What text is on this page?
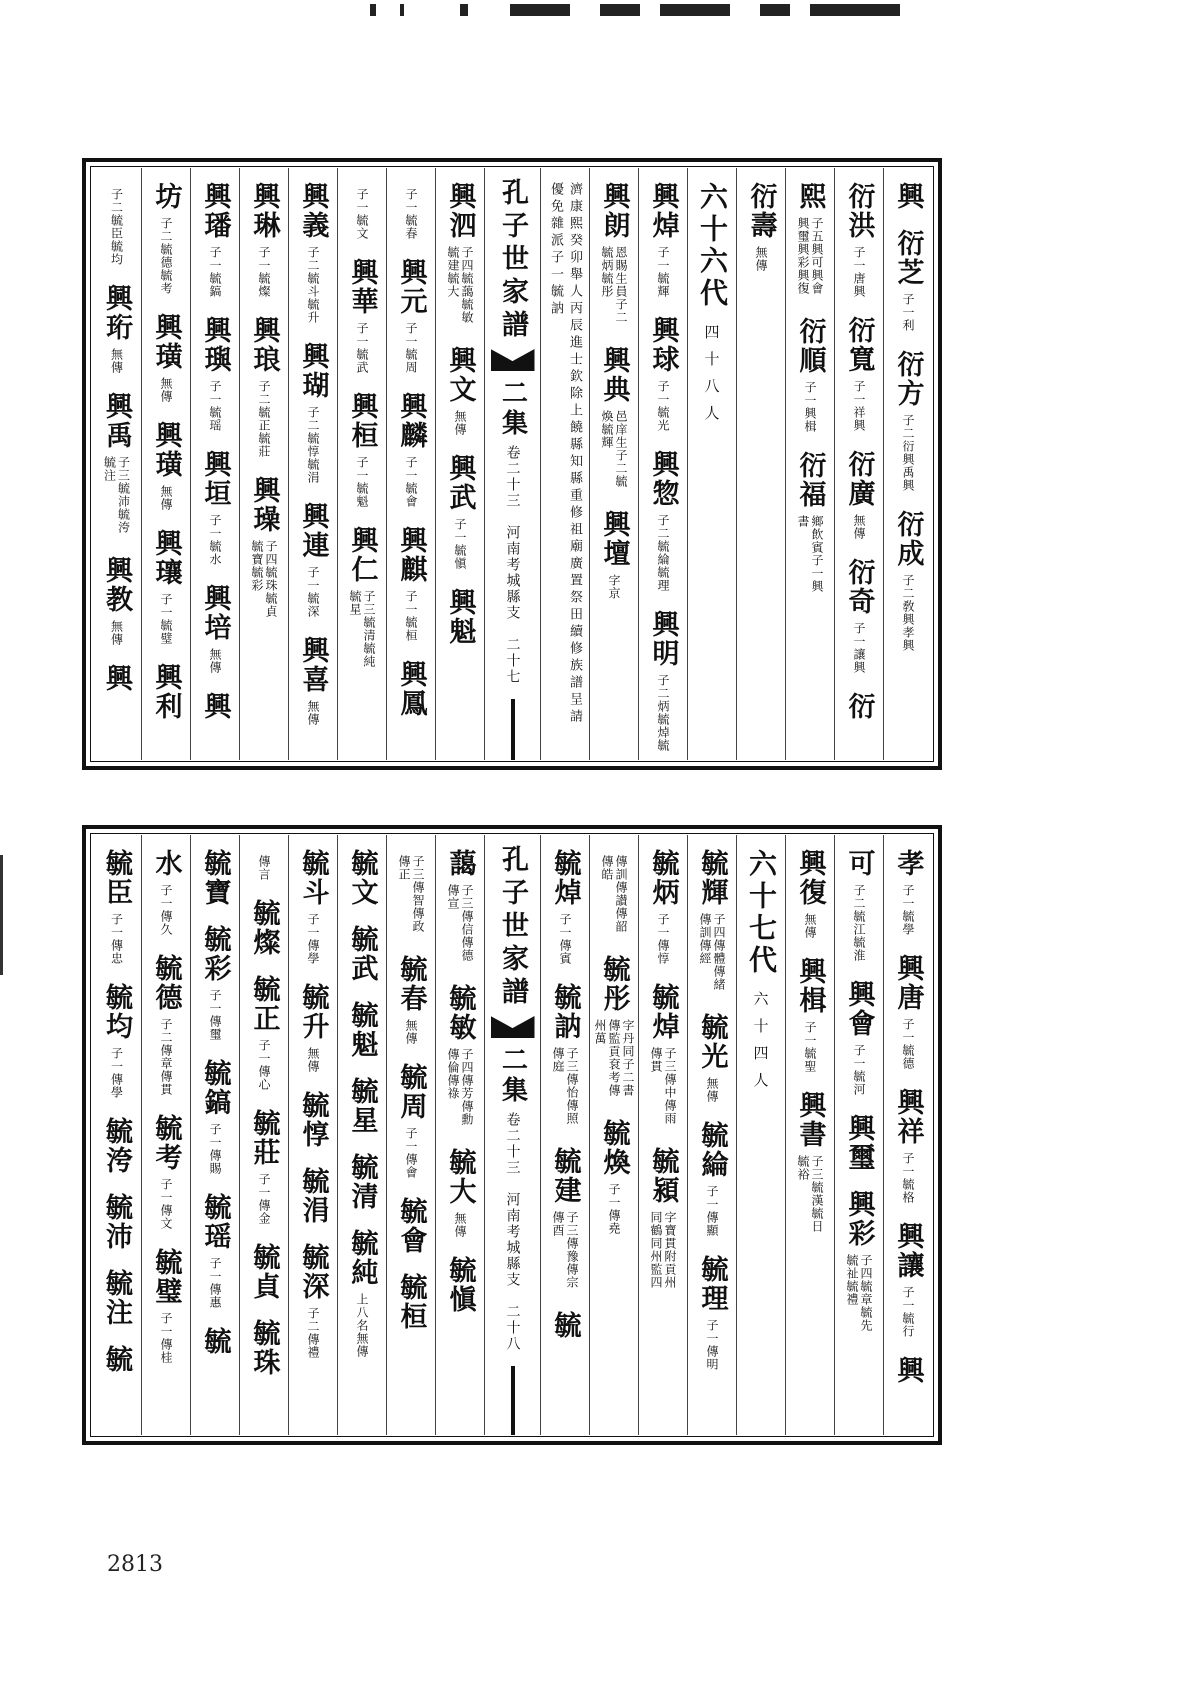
興
衍芝
子一利
衍方
子二衍興禹興
衍成
子二敎興孝興
衍洪
子一唐興
衍寬
子一祥興
衍廣
無傳
衍奇
子一讓興
衍
熙
子五興可興會興璽興彩興復
衍順
子一興楫
衍福
鄉飲賓子一興書
衍壽
無傳
六十六代
四十八人
興焯
子一毓輝
興球
子一毓光
興惣
子二毓綸毓理
興明
子二炳毓焯毓
興朗
恩賜生員子二毓炳毓彤
興典
邑庠生子二毓煥毓輝
興壇
字京
濟康熙癸卯舉人丙辰進士欽除上饒縣知縣重修祖廟廣置祭田續修族譜呈請優免雜派子一毓訥
孔子世家譜
二集
卷二十三　河南考城縣支　二十七
興泗
子四毓藹毓敏毓建毓大
興文
無傳
興武
子一毓愼
興魁
子一毓春
興元
子一毓周
興麟
子一毓會
興麒
子一毓桓
興鳳
子一毓文
興華
子一毓武
興桓
子一毓魁
興仁
子三毓清毓純毓星
興義
子二毓斗毓升
興瑚
子二毓惇毓涓
興連
子一毓深
興喜
無傳
興琳
子一毓燦
興琅
子二毓正毓莊
興璪
子四毓珠毓貞毓寶毓彩
興璠
子一毓鎬
興璵
子一毓瑶
興垣
子一毓水
興培
無傳
興
坊
子二毓德毓考
興璜
無傳
興璜
無傳
興瓖
子一毓璧
興利
子二毓臣毓均
興珩
無傳
興禹
子三毓沛毓洿毓注
興教
無傳
興
孝
子一毓學
興唐
子一毓德
興祥
子一毓格
興讓
子一毓行
興
可
子二毓江毓淮
興會
子一毓河
興璽
興彩
子四毓章毓先毓祉毓禮
興復
無傳
興楫
子一毓聖
興書
子三毓漢毓日毓裕
六十七代
六十四人
毓輝
子四傳體傳緒傳訓傳經
毓光
無傳
毓綸
子一傳顯
毓理
子一傳明
毓炳
子一傳惇
毓焯
子三傳中傳雨傳貫
毓潁
字寶貫附貢州同鶴同州監四
傳訓傳讃傳韶傳皓
毓彤
字丹同子二書傳監貢袞考傳州萬
毓煥
子一傳堯
毓焯
子一傳賓
毓訥
子三傳怡傳照傳庭
毓建
子三傳豫傳宗傳酉
毓
孔子世家譜
二集
卷二十三　河南考城縣支　二十八
藹
子三傳信傳德傳宣
毓敏
子四傳芳傳勳傳倫傳祿
毓大
無傳
毓愼
子三傳智傳政傳正
毓春
無傳
毓周
子一傳會
毓會
毓桓
毓文
毓武
毓魁
毓星
毓清
毓純
上八名無傳
毓斗
子一傳學
毓升
無傳
毓惇
毓涓
毓深
子二傳禮
傳言
毓燦
毓正
子一傳心
毓莊
子一傳金
毓貞
毓珠
毓寶
毓彩
子一傳璽
毓鎬
子一傳賜
毓瑶
子一傳惠
毓
水
子一傳久
毓德
子二傳章傳貫
毓考
子一傳文
毓璧
子一傳桂
毓臣
子一傳忠
毓均
子一傳學
毓洿
毓沛
毓注
毓
2813
